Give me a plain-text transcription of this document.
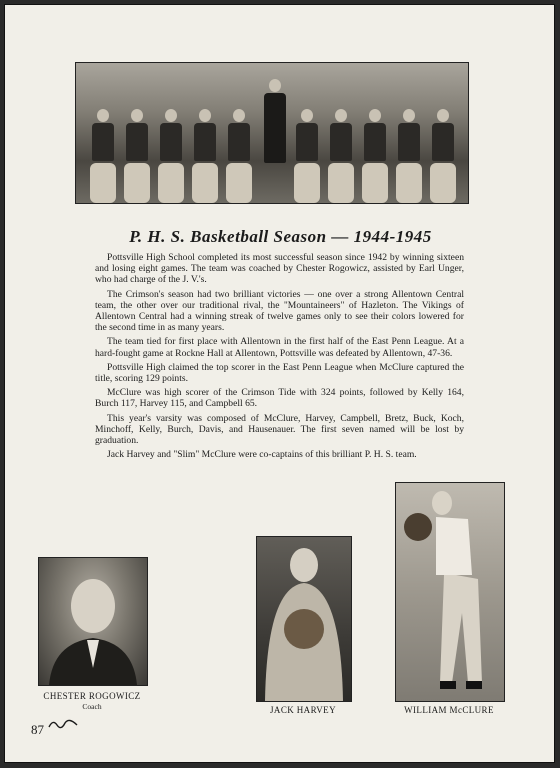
P. H. S. Basketball Season — 1944-1945

Pottsville High School completed its most successful season since 1942 by winning sixteen and losing eight games. The team was coached by Chester Rogowicz, assisted by Earl Unger, who had charge of the J. V.'s.

The Crimson's season had two brilliant victories — one over a strong Allentown Central team, the other over our traditional rival, the "Mountaineers" of Hazleton. The Vikings of Allentown Central had a winning streak of twelve games only to see their colors lowered for the second time in as many years.

The team tied for first place with Allentown in the first half of the East Penn League. At a hard-fought game at Rockne Hall at Allentown, Pottsville was defeated by Allentown, 47-36.

Pottsville High claimed the top scorer in the East Penn League when McClure captured the title, scoring 129 points.

McClure was high scorer of the Crimson Tide with 324 points, followed by Kelly 164, Burch 117, Harvey 115, and Campbell 65.

This year's varsity was composed of McClure, Harvey, Campbell, Bretz, Buck, Koch, Minchoff, Kelly, Burch, Davis, and Hausenauer. The first seven named will be lost by graduation.

Jack Harvey and "Slim" McClure were co-captains of this brilliant P. H. S. team.

CHESTER ROGOWICZ
Coach	JACK HARVEY	WILLIAM McCLURE
87
